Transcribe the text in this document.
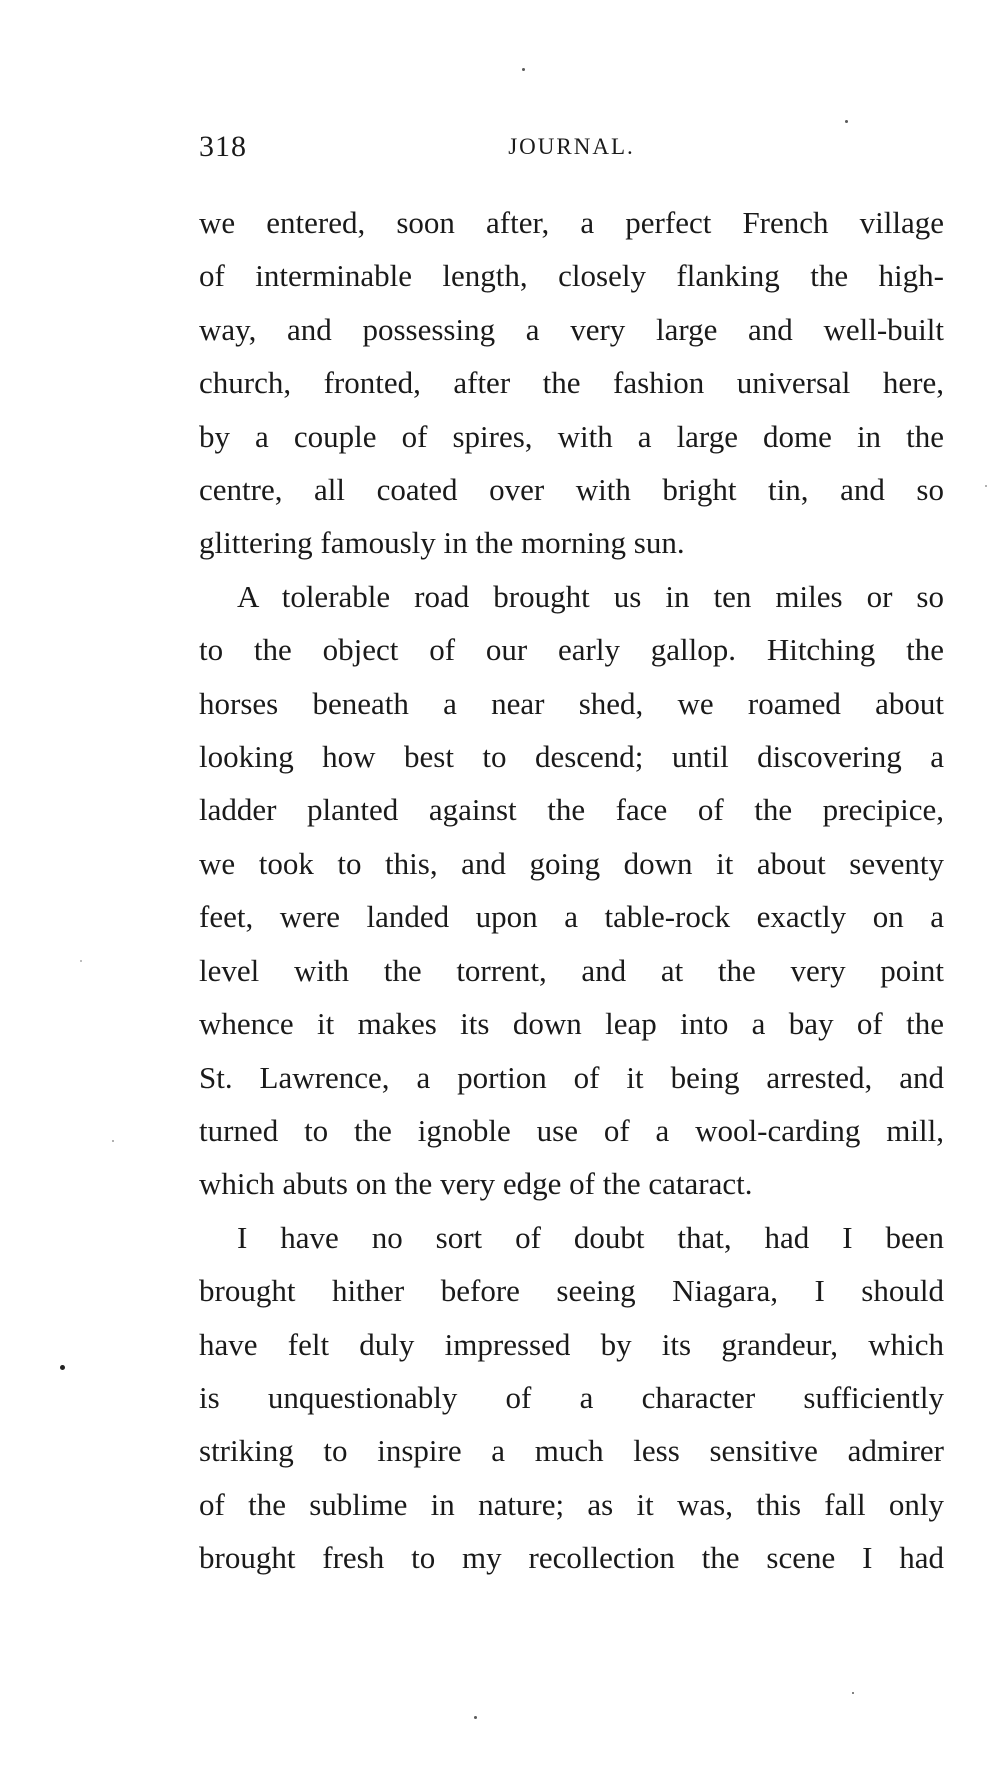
318	JOURNAL.

we entered, soon after, a perfect French village
of interminable length, closely flanking the high-
way, and possessing a very large and well-built
church, fronted, after the fashion universal here,
by a couple of spires, with a large dome in the
centre, all coated over with bright tin, and so
glittering famously in the morning sun.

A tolerable road brought us in ten miles or so
to the object of our early gallop. Hitching the
horses beneath a near shed, we roamed about
looking how best to descend; until discovering a
ladder planted against the face of the precipice,
we took to this, and going down it about seventy
feet, were landed upon a table-rock exactly on a
level with the torrent, and at the very point
whence it makes its down leap into a bay of the
St. Lawrence, a portion of it being arrested, and
turned to the ignoble use of a wool-carding mill,
which abuts on the very edge of the cataract.

I have no sort of doubt that, had I been
brought hither before seeing Niagara, I should
have felt duly impressed by its grandeur, which
is unquestionably of a character sufficiently
striking to inspire a much less sensitive admirer
of the sublime in nature; as it was, this fall only
brought fresh to my recollection the scene I had
